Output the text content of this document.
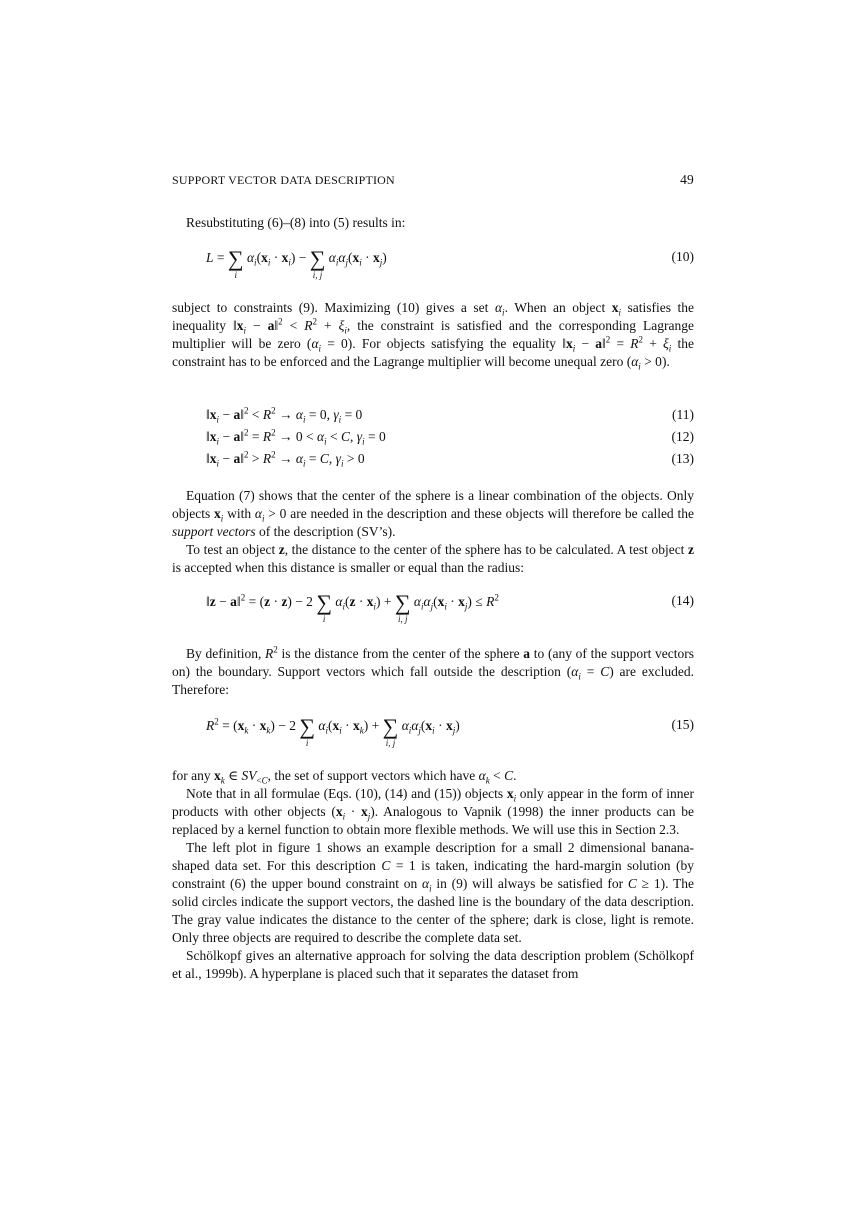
SUPPORT VECTOR DATA DESCRIPTION	49

Resubstituting (6)–(8) into (5) results in:

L = ∑
i
$\alpha_i(x_i \cdot x_i)$ − ∑
i, j
$\alpha_i\alpha_j(x_i \cdot x_j)$	(10)

subject to constraints (9). Maximizing (10) gives a set $\alpha_i$. When an object $x_i$ satisfies the inequality $‖x_i$ − a‖$^2$ < $R^2 + \xi_i$, the constraint is satisfied and the corresponding Lagrange multiplier will be zero $(\alpha_i = 0)$. For objects satisfying the equality $‖x_i$ − a‖$^2$ = $R^2 + \xi_i$ the constraint has to be enforced and the Lagrange multiplier will become unequal zero $(\alpha_i > 0)$.

$‖x_i$ − a‖$^2$ < $R^2 \to \alpha_i = 0$, $\gamma_i = 0$	(11)
$‖x_i$ − a‖$^2$ = $R^2 \to 0 < \alpha_i < C$, $\gamma_i = 0$	(12)
$‖x_i$ − a‖$^2$ > $R^2 \to \alpha_i = C$, $\gamma_i > 0$	(13)

Equation (7) shows that the center of the sphere is a linear combination of the objects. Only objects $x_i$ with $\alpha_i > 0$ are needed in the description and these objects will therefore be called the support vectors of the description (SV’s).

To test an object z, the distance to the center of the sphere has to be calculated. A test object z is accepted when this distance is smaller or equal than the radius:

‖z − a‖$^2$ = (z · z) − 2 ∑
i
$\alpha_i(z \cdot x_i)$ + ∑
i, j
$\alpha_i\alpha_j(x_i \cdot x_j) \le R^2$	(14)

By definition, $R^2$ is the distance from the center of the sphere a to (any of the support vectors on) the boundary. Support vectors which fall outside the description $(\alpha_i = C)$ are excluded. Therefore:

$R^2 = (x_k \cdot x_k) - 2$ ∑
i
$\alpha_i(x_i \cdot x_k)$ + ∑
i, j
$\alpha_i\alpha_j(x_i \cdot x_j)$	(15)

for any $x_k$ ∈ $SV_{<C}$, the set of support vectors which have $\alpha_k < C$.

Note that in all formulae (Eqs. (10), (14) and (15)) objects $x_i$ only appear in the form of inner products with other objects $(x_i \cdot x_j)$. Analogous to Vapnik (1998) the inner products can be replaced by a kernel function to obtain more flexible methods. We will use this in Section 2.3.

The left plot in figure 1 shows an example description for a small 2 dimensional banana-shaped data set. For this description C = 1 is taken, indicating the hard-margin solution (by constraint (6) the upper bound constraint on $\alpha_i$ in (9) will always be satisfied for C ≥ 1). The solid circles indicate the support vectors, the dashed line is the boundary of the data description. The gray value indicates the distance to the center of the sphere; dark is close, light is remote. Only three objects are required to describe the complete data set.

Schölkopf gives an alternative approach for solving the data description problem (Schölkopf et al., 1999b). A hyperplane is placed such that it separates the dataset from
